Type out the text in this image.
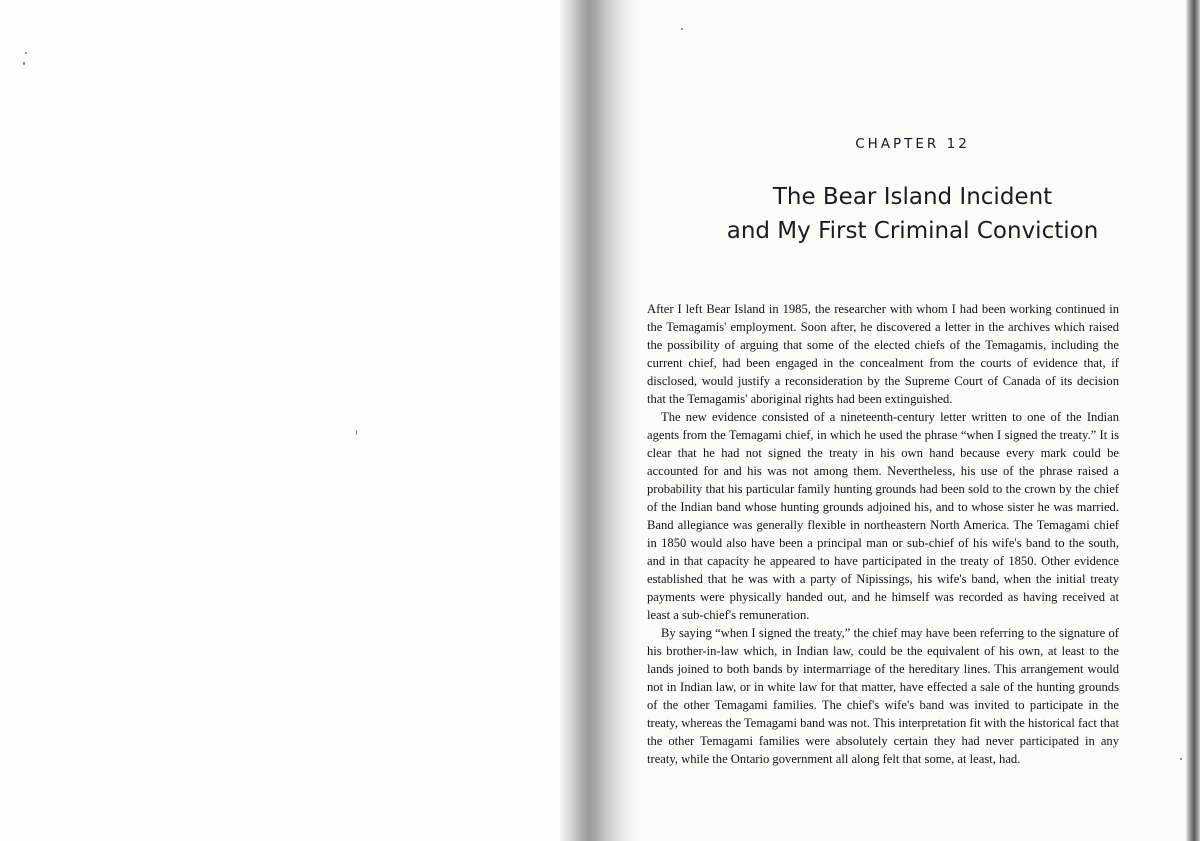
CHAPTER 12
The Bear Island Incident
and My First Criminal Conviction

After I left Bear Island in 1985, the researcher with whom I had been working continued in the Temagamis' employment. Soon after, he discovered a letter in the archives which raised the possibility of arguing that some of the elected chiefs of the Temagamis, including the current chief, had been engaged in the concealment from the courts of evidence that, if disclosed, would justify a reconsideration by the Supreme Court of Canada of its decision that the Temagamis' aboriginal rights had been extinguished.

The new evidence consisted of a nineteenth-century letter written to one of the Indian agents from the Temagami chief, in which he used the phrase “when I signed the treaty.” It is clear that he had not signed the treaty in his own hand because every mark could be accounted for and his was not among them. Nevertheless, his use of the phrase raised a probability that his particular family hunting grounds had been sold to the crown by the chief of the Indian band whose hunting grounds adjoined his, and to whose sister he was married. Band allegiance was generally flexible in northeastern North America. The Temagami chief in 1850 would also have been a principal man or sub-chief of his wife's band to the south, and in that capacity he appeared to have participated in the treaty of 1850. Other evidence established that he was with a party of Nipissings, his wife's band, when the initial treaty payments were physically handed out, and he himself was recorded as having received at least a sub-chief's remuneration.

By saying “when I signed the treaty,” the chief may have been referring to the signature of his brother-in-law which, in Indian law, could be the equivalent of his own, at least to the lands joined to both bands by intermarriage of the hereditary lines. This arrangement would not in Indian law, or in white law for that matter, have effected a sale of the hunting grounds of the other Temagami families. The chief's wife's band was invited to participate in the treaty, whereas the Temagami band was not. This interpretation fit with the historical fact that the other Temagami families were absolutely certain they had never participated in any treaty, while the Ontario government all along felt that some, at least, had.
